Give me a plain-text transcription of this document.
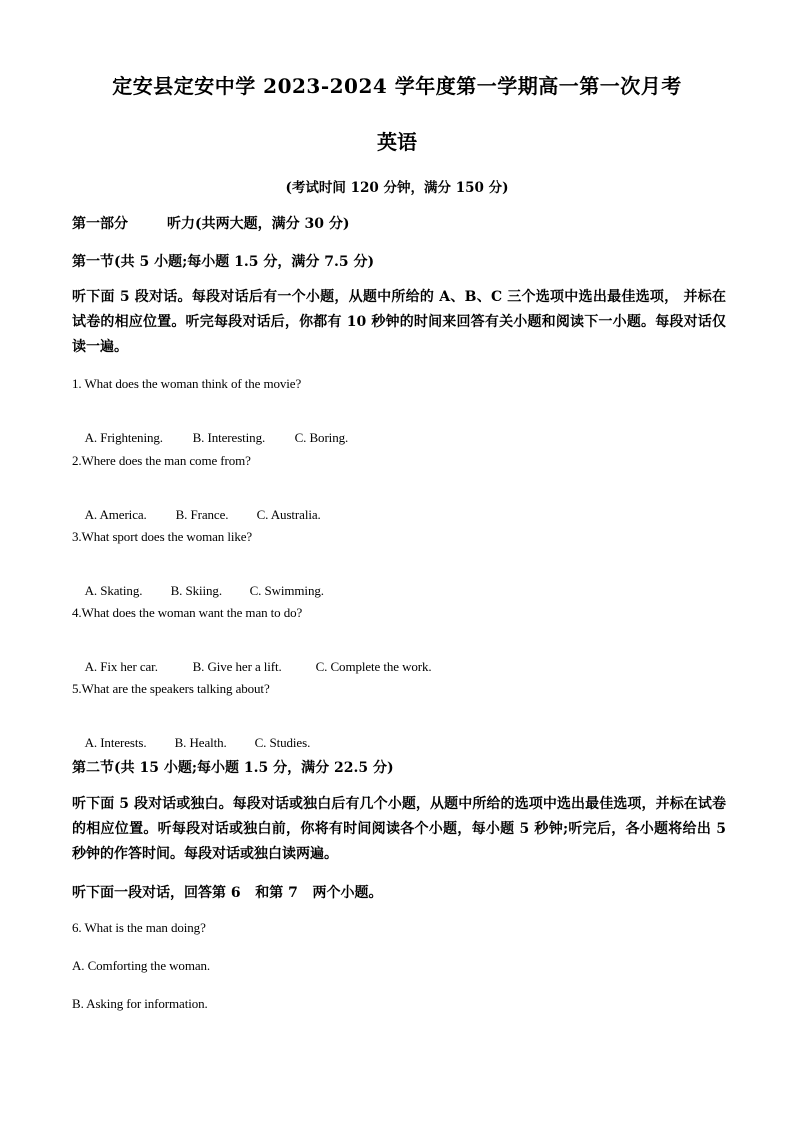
定安县定安中学 2023-2024 学年度第一学期高一第一次月考
英语
(考试时间 120 分钟，满分 150 分)
第一部分        听力(共两大题，满分 30 分)
第一节(共 5 小题;每小题 1.5 分，满分 7.5 分)
听下面 5 段对话。每段对话后有一个小题，从题中所给的 A、B、C 三个选项中选出最佳选项， 并标在试卷的相应位置。听完每段对话后，你都有 10 秒钟的时间来回答有关小题和阅读下一小题。每段对话仅读一遍。
1. What does the woman think of the movie?

A. Frightening. B. Interesting. C. Boring.

2.Where does the man come from?

A. America. B. France. C. Australia.

3.What sport does the woman like?

A. Skating. B. Skiing. C. Swimming.

4.What does the woman want the man to do?

A. Fix her car.	B. Give her a lift.	C. Complete the work.

5.What are the speakers talking about?

A. Interests. B. Health. C. Studies.

第二节(共 15 小题;每小题 1.5 分，满分 22.5 分)
听下面 5 段对话或独白。每段对话或独白后有几个小题，从题中所给的选项中选出最佳选项，并标在试卷的相应位置。听每段对话或独白前，你将有时间阅读各个小题，每小题 5 秒钟;听完后，各小题将给出 5 秒钟的作答时间。每段对话或独白读两遍。
听下面一段对话，回答第 6   和第 7   两个小题。
6. What is the man doing?
A. Comforting the woman.
B. Asking for information.
